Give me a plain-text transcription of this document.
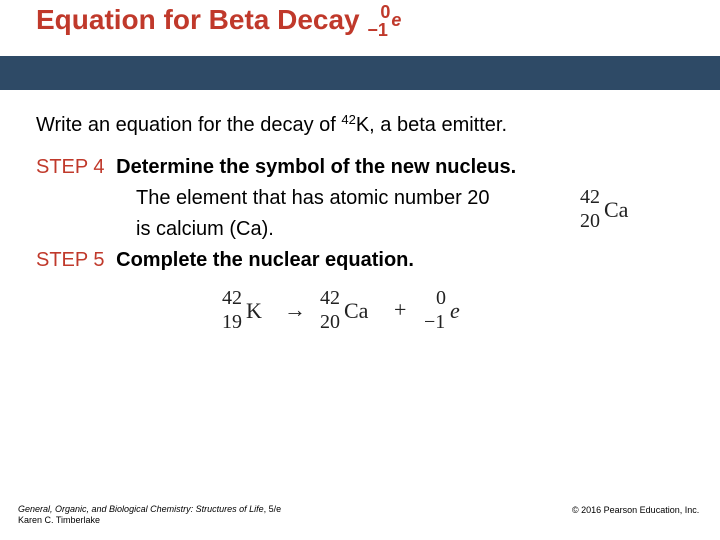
Equation for Beta Decay 0
−1 e
Write an equation for the decay of $^{42}$K, a beta emitter.
STEP 4 Determine the symbol of the new nucleus.
The element that has atomic number 20
is calcium (Ca).
42
20 Ca
STEP 5 Complete the nuclear equation.
42
19 K → 42
20 Ca + 0
−1 e
General, Organic, and Biological Chemistry: Structures of Life, 5/e
Karen C. Timberlake
© 2016 Pearson Education, Inc.
